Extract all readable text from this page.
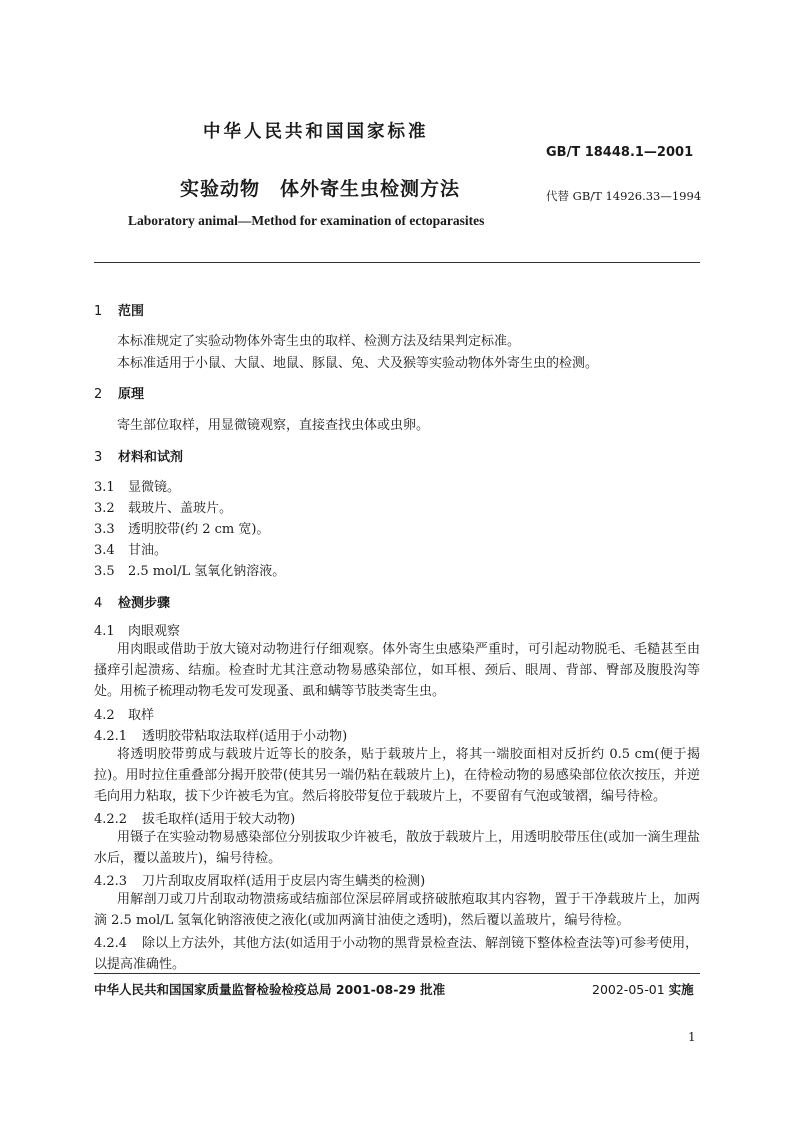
中华人民共和国国家标准
GB/T 18448.1—2001
实验动物　体外寄生虫检测方法	代替 GB/T 14926.33—1994
Laboratory animal—Method for examination of ectoparasites
1 范围
本标准规定了实验动物体外寄生虫的取样、检测方法及结果判定标准。
本标准适用于小鼠、大鼠、地鼠、豚鼠、兔、犬及猴等实验动物体外寄生虫的检测。
2 原理
寄生部位取样，用显微镜观察，直接查找虫体或虫卵。
3 材料和试剂
3.1 显微镜。
3.2 载玻片、盖玻片。
3.3 透明胶带(约 2 cm 宽)。
3.4 甘油。
3.5 2.5 mol/L 氢氧化钠溶液。
4 检测步骤
4.1 肉眼观察

用肉眼或借助于放大镜对动物进行仔细观察。体外寄生虫感染严重时，可引起动物脱毛、毛糙甚至由搔痒引起溃疡、结痂。检查时尤其注意动物易感染部位，如耳根、颈后、眼周、背部、臀部及腹股沟等处。用梳子梳理动物毛发可发现蚤、虱和螨等节肢类寄生虫。

4.2 取样
4.2.1 透明胶带粘取法取样(适用于小动物)

将透明胶带剪成与载玻片近等长的胶条，贴于载玻片上，将其一端胶面相对反折约 0.5 cm(便于揭拉)。用时拉住重叠部分揭开胶带(使其另一端仍粘在载玻片上)，在待检动物的易感染部位依次按压，并逆毛向用力粘取，拔下少许被毛为宜。然后将胶带复位于载玻片上，不要留有气泡或皱褶，编号待检。

4.2.2 拔毛取样(适用于较大动物)

用镊子在实验动物易感染部位分别拔取少许被毛，散放于载玻片上，用透明胶带压住(或加一滴生理盐水后，覆以盖玻片)，编号待检。

4.2.3 刀片刮取皮屑取样(适用于皮层内寄生螨类的检测)

用解剖刀或刀片刮取动物溃疡或结痂部位深层碎屑或挤破脓疱取其内容物，置于干净载玻片上，加两滴 2.5 mol/L 氢氧化钠溶液使之液化(或加两滴甘油使之透明)，然后覆以盖玻片，编号待检。

4.2.4 除以上方法外，其他方法(如适用于小动物的黑背景检查法、解剖镜下整体检查法等)可参考使用，以提高准确性。
中华人民共和国国家质量监督检验检疫总局 2001-08-29 批准	2002-05-01 实施
1
